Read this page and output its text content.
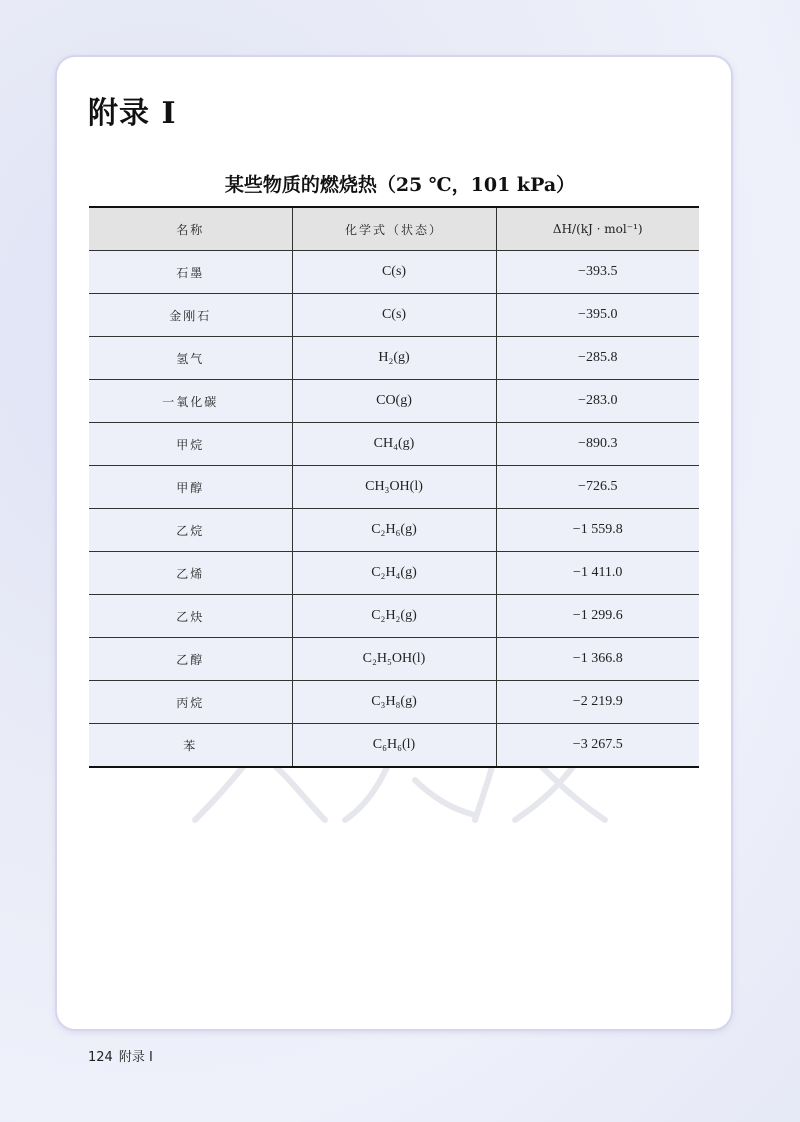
附录 I
某些物质的燃烧热（25 ℃，101 kPa）
名称	化学式（状态）	ΔH/(kJ · mol⁻¹)
石墨	C(s)	−393.5
金刚石	C(s)	−395.0
氢气	H₂(g)	−285.8
一氧化碳	CO(g)	−283.0
甲烷	CH₄(g)	−890.3
甲醇	CH₃OH(l)	−726.5
乙烷	C₂H₆(g)	−1 559.8
乙烯	C₂H₄(g)	−1 411.0
乙炔	C₂H₂(g)	−1 299.6
乙醇	C₂H₅OH(l)	−1 366.8
丙烷	C₃H₈(g)	−2 219.9
苯	C₆H₆(l)	−3 267.5
124 附录 I
